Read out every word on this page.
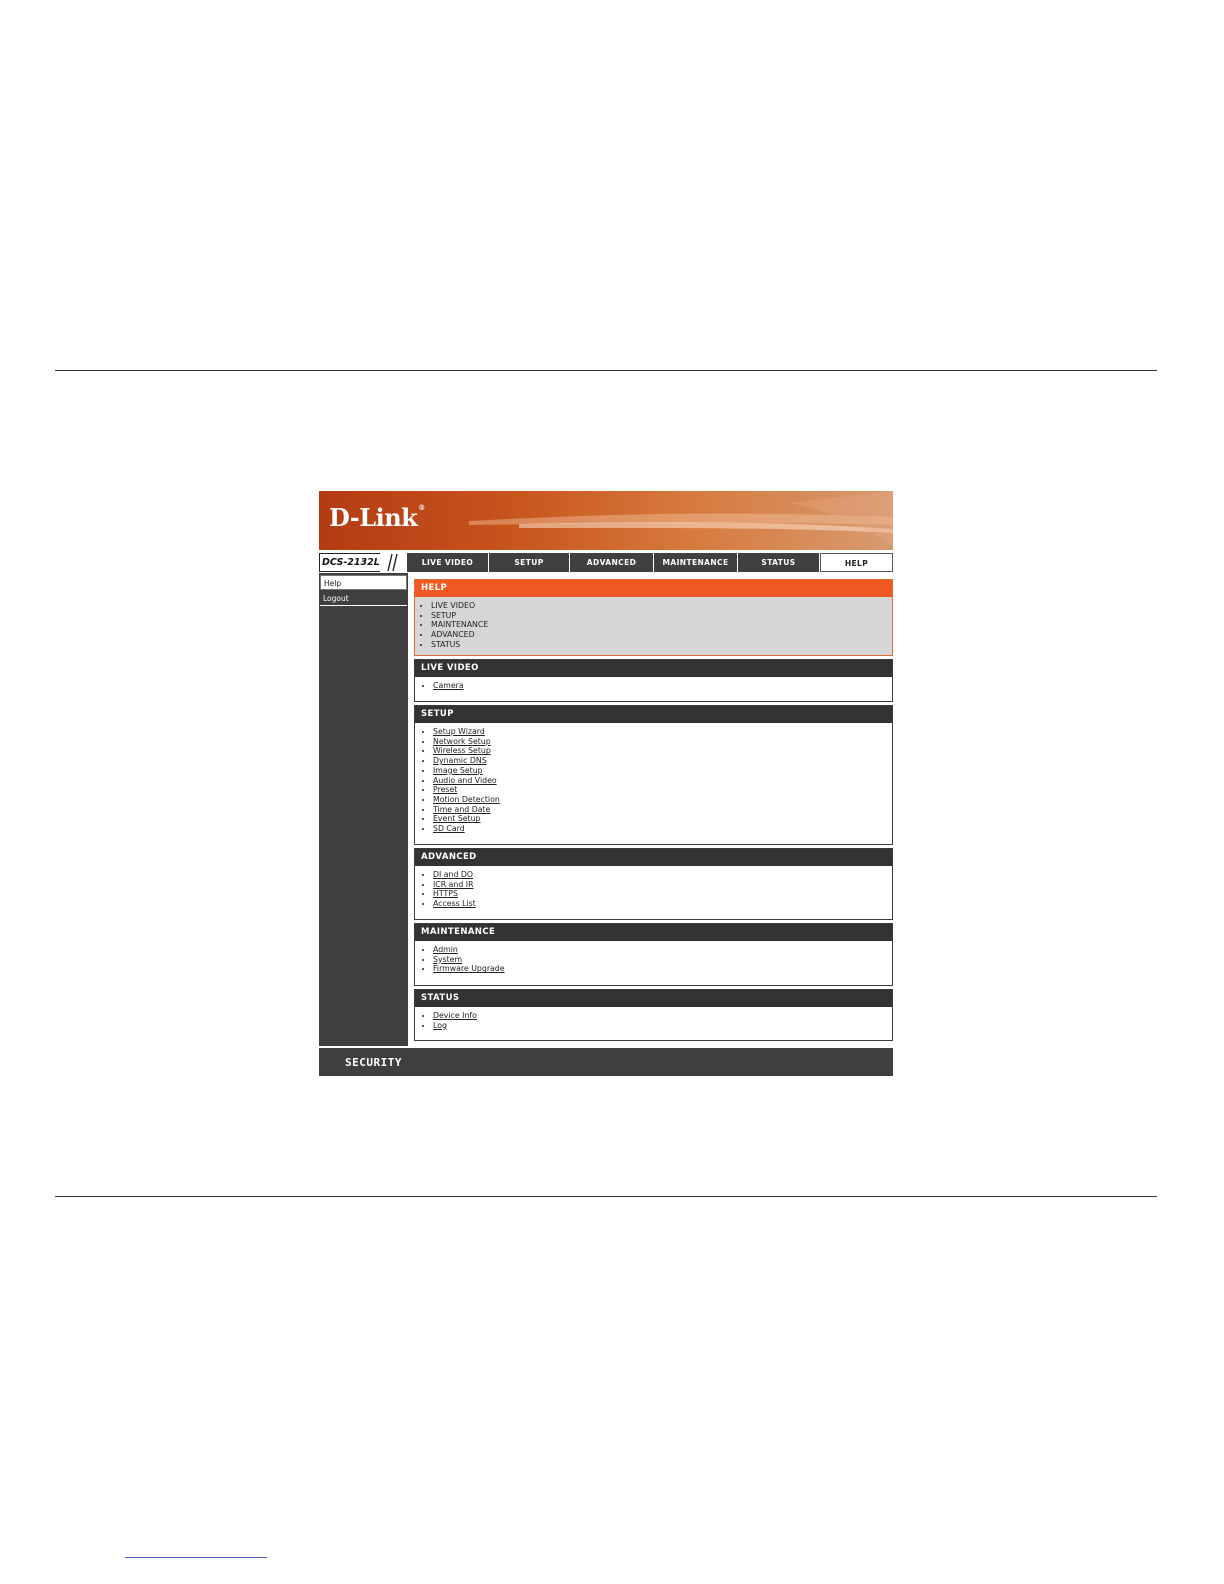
D-Link®
DCS-2132L	LIVE VIDEO	SETUP	ADVANCED	MAINTENANCE	STATUS	HELP
Help
Logout
HELP
• LIVE VIDEO
• SETUP
• MAINTENANCE
• ADVANCED
• STATUS
LIVE VIDEO
• Camera
SETUP
• Setup Wizard
• Network Setup
• Wireless Setup
• Dynamic DNS
• Image Setup
• Audio and Video
• Preset
• Motion Detection
• Time and Date
• Event Setup
• SD Card
ADVANCED
• DI and DO
• ICR and IR
• HTTPS
• Access List
MAINTENANCE
• Admin
• System
• Firmware Upgrade
STATUS
• Device Info
• Log
SECURITY
